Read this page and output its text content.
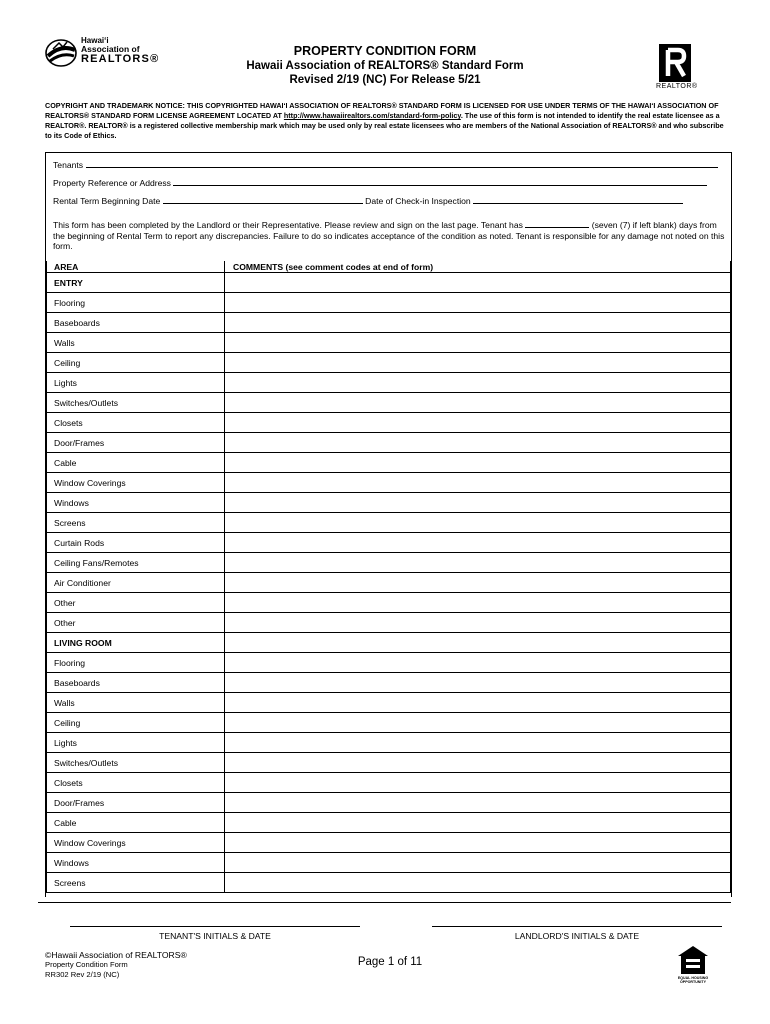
Hawai‘i
Association of
REALTORS®
PROPERTY CONDITION FORM
Hawaii Association of REALTORS® Standard Form
Revised 2/19 (NC) For Release 5/21
REALTOR®
COPYRIGHT AND TRADEMARK NOTICE: THIS COPYRIGHTED HAWAI‘I ASSOCIATION OF REALTORS® STANDARD FORM IS LICENSED FOR USE UNDER TERMS OF THE HAWAI‘I ASSOCIATION OF REALTORS® STANDARD FORM LICENSE AGREEMENT LOCATED AT http://www.hawaiirealtors.com/standard-form-policy. The use of this form is not intended to identify the real estate licensee as a REALTOR®. REALTOR® is a registered collective membership mark which may be used only by real estate licensees who are members of the National Association of REALTORS® and who subscribe to its Code of Ethics.
Tenants
Property Reference or Address
Rental Term Beginning Date	Date of Check-in Inspection
This form has been completed by the Landlord or their Representative. Please review and sign on the last page. Tenant has	(seven (7) if left blank) days from the beginning of Rental Term to report any discrepancies. Failure to do so indicates acceptance of the condition as noted. Tenant is responsible for any damage not noted on this form.
AREA	COMMENTS (see comment codes at end of form)
ENTRY	
Flooring	
Baseboards	
Walls	
Ceiling	
Lights	
Switches/Outlets	
Closets	
Door/Frames	
Cable	
Window Coverings	
Windows	
Screens	
Curtain Rods	
Ceiling Fans/Remotes	
Air Conditioner	
Other	
Other	
LIVING ROOM	
Flooring	
Baseboards	
Walls	
Ceiling	
Lights	
Switches/Outlets	
Closets	
Door/Frames	
Cable	
Window Coverings	
Windows	
Screens	
TENANT'S INITIALS & DATE	LANDLORD'S INITIALS & DATE
©Hawaii Association of REALTORS®
Property Condition Form
RR302 Rev 2/19 (NC)
Page 1 of 11
EQUAL HOUSING OPPORTUNITY
